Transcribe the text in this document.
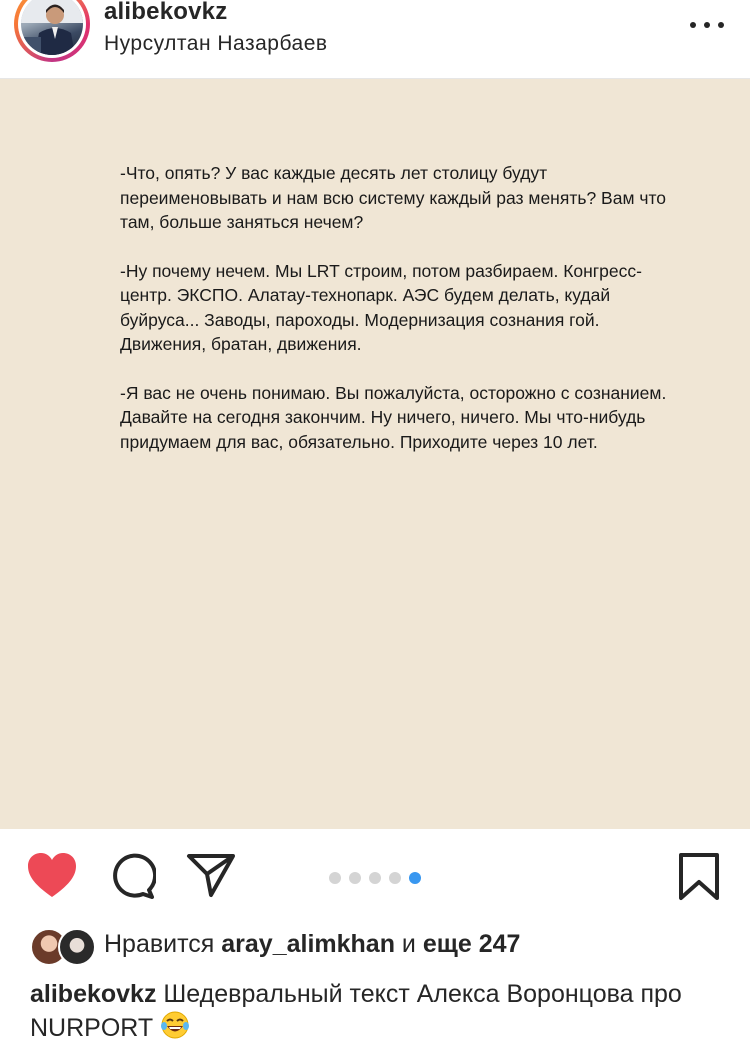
alibekovkz
Нурсултан Назарбаев

-Что, опять? У вас каждые десять лет столицу будут переименовывать и нам всю систему каждый раз менять? Вам что там, больше заняться нечем?

-Ну почему нечем. Мы LRT строим, потом разбираем. Конгресс-центр. ЭКСПО. Алатау-технопарк. АЭС будем делать, кудай буйруса... Заводы, пароходы. Модернизация сознания гой. Движения, братан, движения.

-Я вас не очень понимаю. Вы пожалуйста, осторожно с сознанием. Давайте на сегодня закончим. Ну ничего, ничего. Мы что-нибудь придумаем для вас, обязательно. Приходите через 10 лет.

Нравится aray_alimkhan и еще 247
alibekovkz Шедевральный текст Алекса Воронцова про NURPORT
